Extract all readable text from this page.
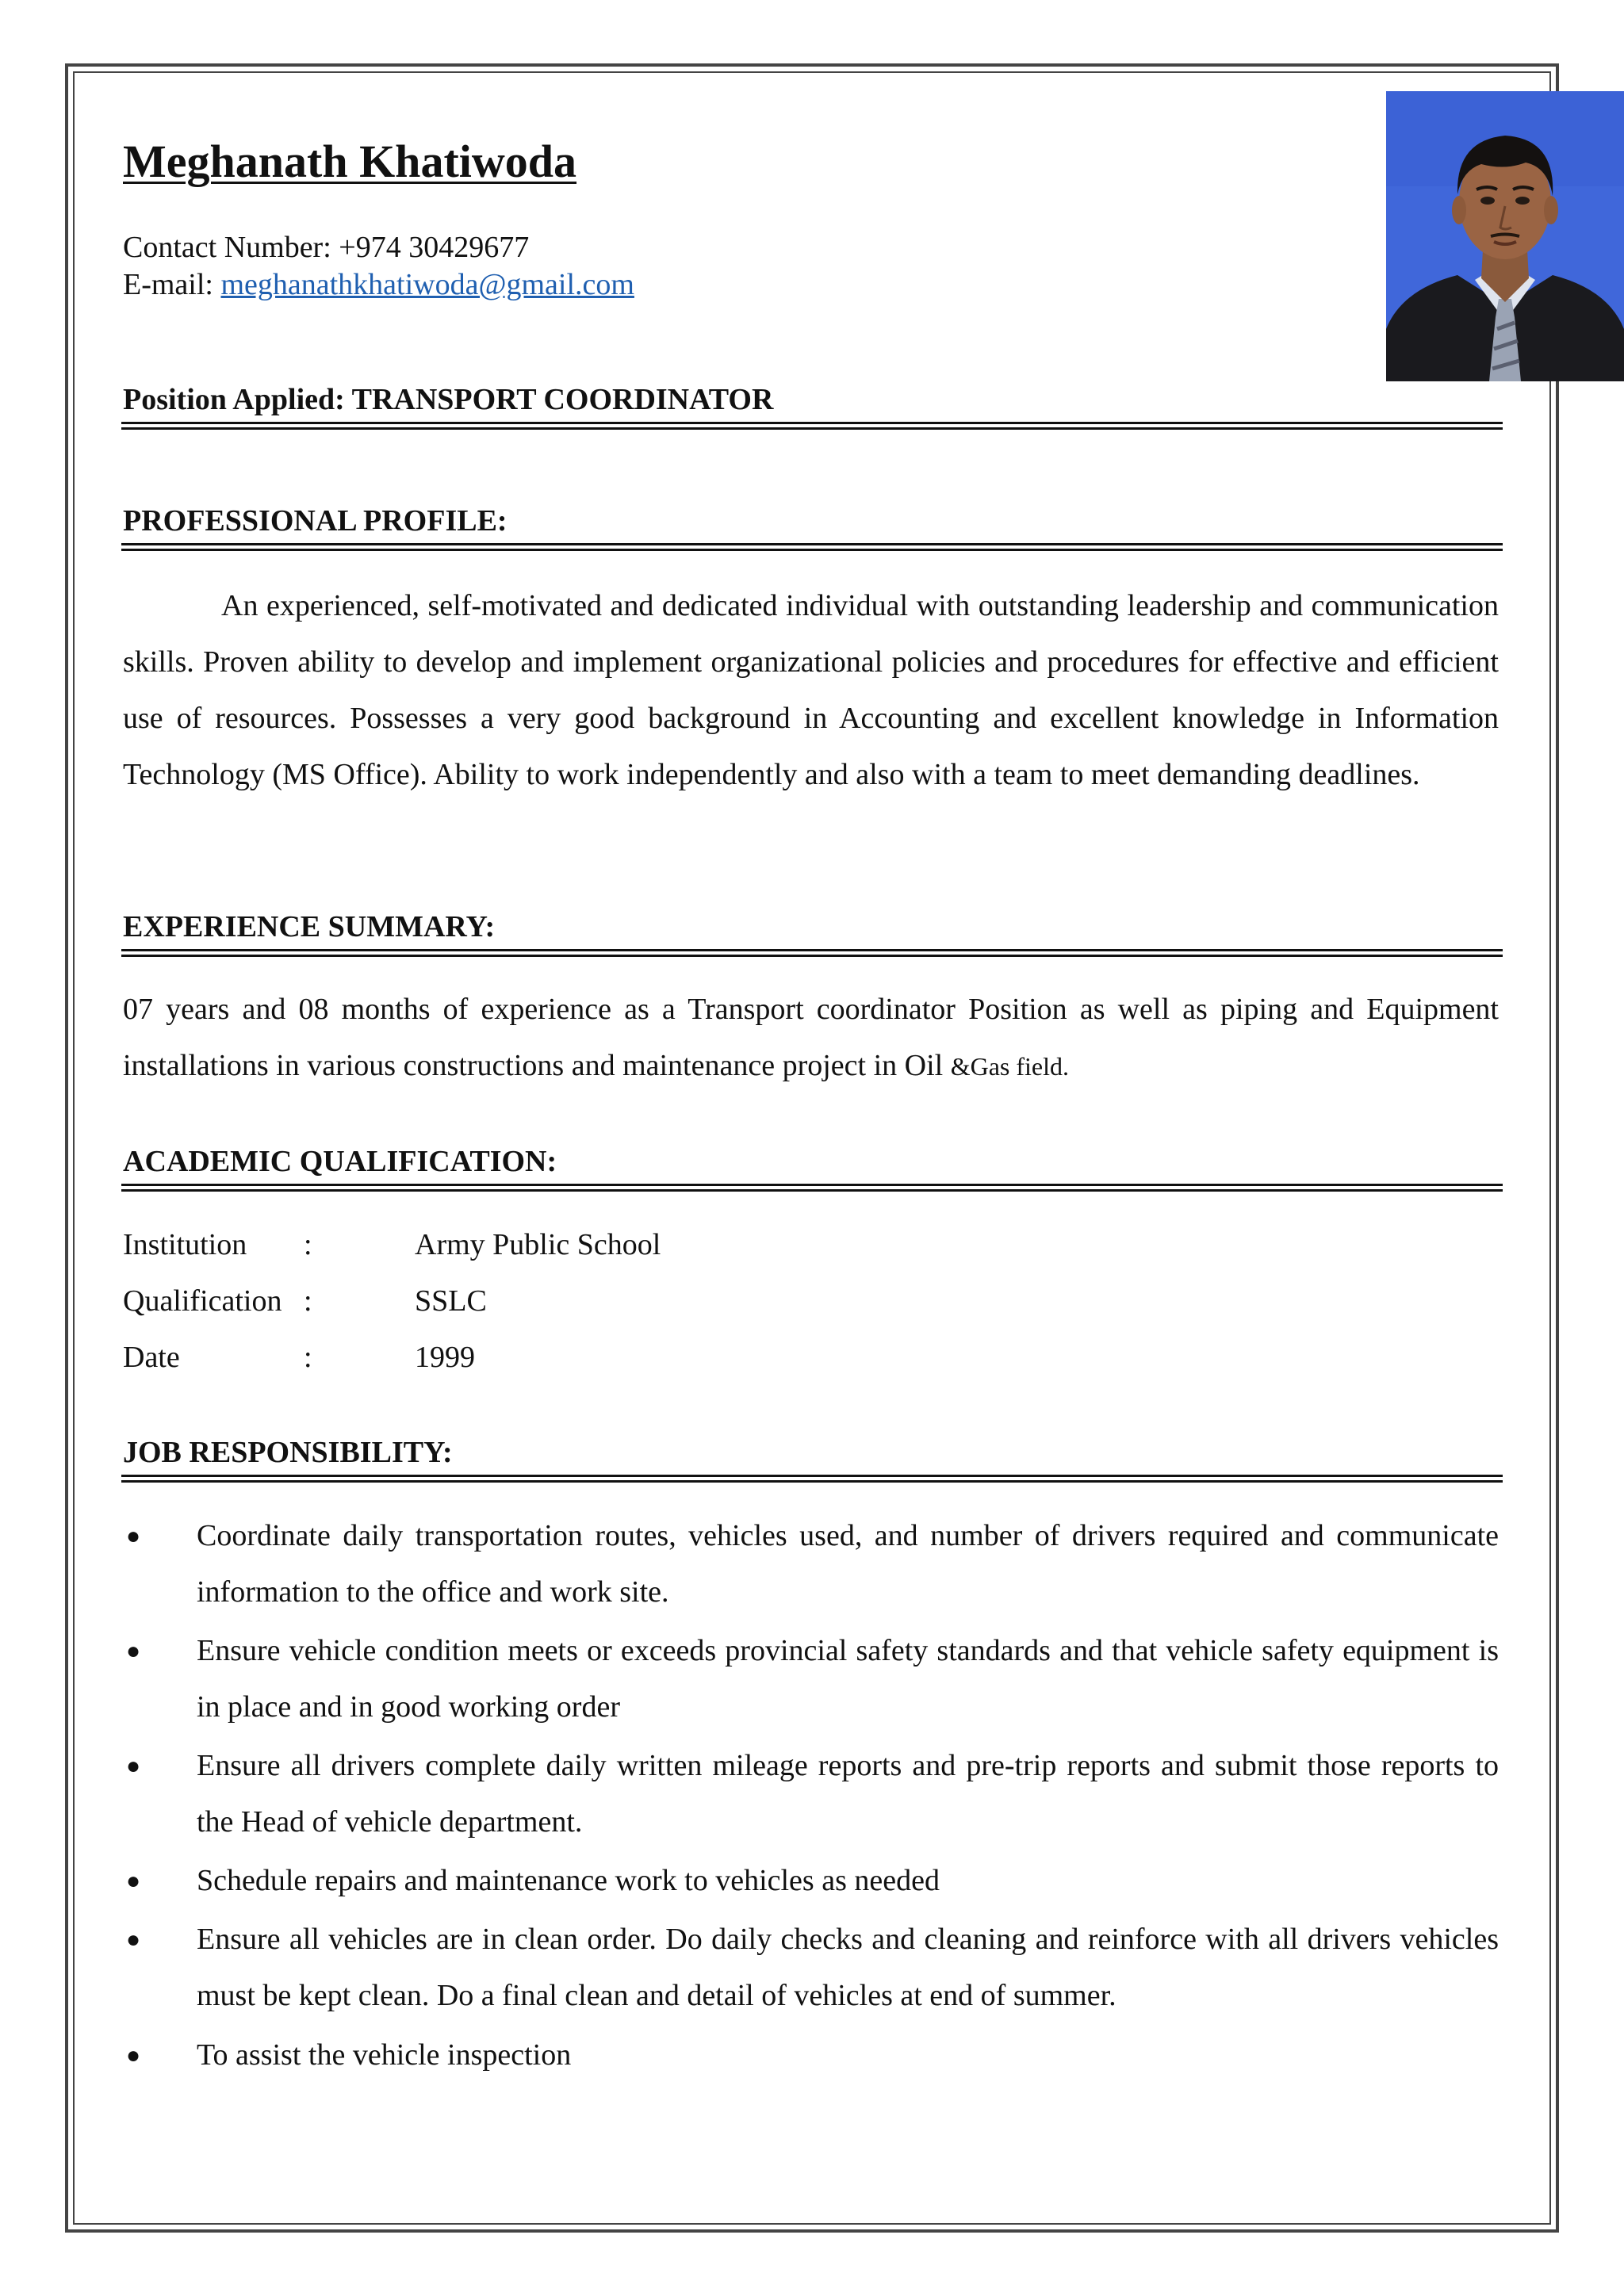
Meghanath Khatiwoda
Contact Number: +974 30429677
E-mail: meghanathkhatiwoda@gmail.com
Position Applied: TRANSPORT COORDINATOR
PROFESSIONAL PROFILE:
An experienced, self-motivated and dedicated individual with outstanding leadership and communication skills. Proven ability to develop and implement organizational policies and procedures for effective and efficient use of resources. Possesses a very good background in Accounting and excellent knowledge in Information Technology (MS Office). Ability to work independently and also with a team to meet demanding deadlines.
EXPERIENCE SUMMARY:
07 years and 08 months of experience as a Transport coordinator Position as well as piping and Equipment installations in various constructions and maintenance project in Oil &Gas field.
ACADEMIC QUALIFICATION:
Institution :	Army Public School
Qualification :	SSLC
Date	:	1999
JOB RESPONSIBILITY:
● Coordinate daily transportation routes, vehicles used, and number of drivers required and communicate information to the office and work site.
● Ensure vehicle condition meets or exceeds provincial safety standards and that vehicle safety equipment is in place and in good working order
● Ensure all drivers complete daily written mileage reports and pre-trip reports and submit those reports to the Head of vehicle department.
● Schedule repairs and maintenance work to vehicles as needed
● Ensure all vehicles are in clean order. Do daily checks and cleaning and reinforce with all drivers vehicles must be kept clean. Do a final clean and detail of vehicles at end of summer.
● To assist the vehicle inspection
